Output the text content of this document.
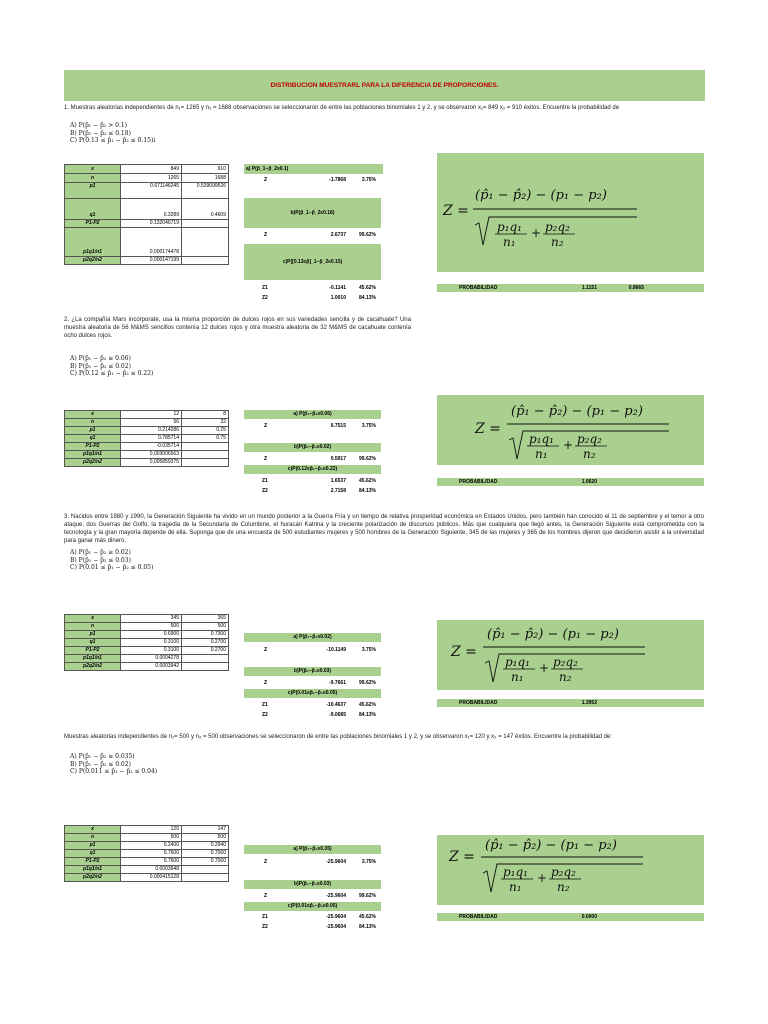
DISTRIBUCION MUESTRARL PARA LA DIFERENCIA DE PROPORCIONES.
1. Muestras aleatorias independientes de n₁= 1265 y n₂ = 1688 observaciones se seleccionaron de entre las poblaciones binomiales 1 y 2, y se observaron x₁= 849 x₂ = 910 éxitos. Encuentre la probabilidad de
A) P(p̂₁ − p̂₂ > 0.1)
B) P(p̂₁ − p̂₂ ≤ 0.18)
C) P(0.13 ≤ p̂₁ − p̂₂ ≤ 0.15)i
2. ¿La compañía Mars incorporate, usa la misma proporción de dulces rojos en sus variedades sencilla y de cacahuate? Una muestra aleatoria de 56 M&MS sencillos contenía 12 dulces rojos y otra muestra aleatoria de 32 M&MS de cacahuate contenía ocho dulces rojos.
A) P(p̂₁ − p̂₂ ≥ 0.06)
B) P(p̂₁ − p̂₂ ≤ 0.02)
C) P(0.12 ≤ p̂₁ − p̂₂ ≤ 0.22)
3. Nacidos entre 1980 y 1990, la Generación Siguiente ha vivido en un mundo posterior a la Guerra Fría y un tiempo de relativa prosperidad económica en Estados Unidos, pero también han conocido el 11 de septiembre y el temor a otro ataque, dos Guerras del Golfo, la tragedia de la Secundaria de Columbine, el huracán Katrina y la creciente polarización de discursos públicos. Más que cualquiera que llegó antes, la Generación Siguiente está comprometida con la tecnología y la gran mayoría depende de ella. Suponga que de una encuesta de 500 estudiantes mujeres y 500 hombres de la Generación Siguiente, 345 de las mujeres y 365 de los hombres dijeron que decidieron asistir a la universidad para ganar más dinero.
A) P(p̂₁ − p̂₂ ≥ 0.02)
B) P(p̂₁ − p̂₂ ≤ 0.03)
C) P(0.01 ≤ p̂₁ − p̂₂ ≤ 0.05)
Muestras aleatorias independientes de n₁= 500 y n₂ = 500 observaciones se seleccionaron de entre las poblaciones binomiales 1 y 2, y se observaron x₁= 120 y x₂ = 147 éxitos. Encuentre la probabilidad de:
A) P(p̂₁ − p̂₂ ≥ 0.035)
B) P(p̂₁ − p̂₂ ≤ 0.02)
C) P(0.011 ≤ p̂₁ − p̂₂ ≤ 0.04)
x	849	910
n	1265	1688
p1	0.671146245	0.539099526
q1	0.3289	0.4609
P1-P2	0.132046719	
p1q1/n1	0.000174478	
p2q2/n2	0.000147199	
a) P(p̂_1−p̂_2≥0.1)
Z	-1.7868	3.75%
b)P(p̂_1−p̂_2≤0.18)
Z	2.6737	99.62%
c)P([0.13≤p̂]_1−p̂_2≤0.15)
Z1	-0.1141	45.62%
Z2	1.0010	84.13%
Z =
(p̂₁ − p̂₂) − (p₁ − p₂)
p₁q₁
n₁
+ p₂q₂
n₂
PROBABILIDAD	1.1151	0.8665
x	12	8
n	56	32
p1	0.214286	0.25
q1	0.785714	0.75
P1-P2	-0.035714	
p1q1/n1	0.003006563	
p2q2/n2	0.005859375	
a) P(p̂₁−p̂₂≥0.06)
Z	6.7515	3.75%
b)P(p̂₁−p̂₂≤0.02)
Z	0.5917	99.62%
c)P(0.12≤p̂₁−p̂₂≤0.22)
Z1	1.6537	45.62%
Z2	2.7158	84.13%
Z =
(p̂₁ − p̂₂) − (p₁ − p₂)
p₁q₁
n₁
+ p₂q₂
n₂
PROBABILIDAD	1.0620
x	345	365
n	500	500
p1	0.6900	0.7300
q1	0.3100	0.2700
P1-P2	0.3100	0.2700
p1q1/n1	0.0004278	
p2q2/n2	0.0003942	
a) P(p̂₁−p̂₂≥0.02)
Z	-10.1149	3.75%
b)P(p̂₁−p̂₂≤0.03)
Z	-9.7661	99.62%
c)P(0.01≤p̂₁−p̂₂≤0.05)
Z1	-10.4637	45.62%
Z2	-9.0685	84.13%
Z =
(p̂₁ − p̂₂) − (p₁ − p₂)
p₁q₁
n₁
+ p₂q₂
n₂
PROBABILIDAD	1.3952
x	120	147
n	500	500
p1	0.2400	0.2940
q1	0.7600	0.7060
P1-P2	0.7600	0.7060
p1q1/n1	0.0003648	
p2q2/n2	0.000415128	
a) P(p̂₁−p̂₂≥0.35)
Z	-25.9604	3.75%
b)P(p̂₁−p̂₂≤0.03)
Z	-25.9604	99.62%
c)P(0.01≤p̂₁−p̂₂≤0.05)
Z1	-25.9604	45.62%
Z2	-25.9604	84.13%
Z =
(p̂₁ − p̂₂) − (p₁ − p₂)
p₁q₁
n₁
+ p₂q₂
n₂
PROBABILIDAD	0.0000
